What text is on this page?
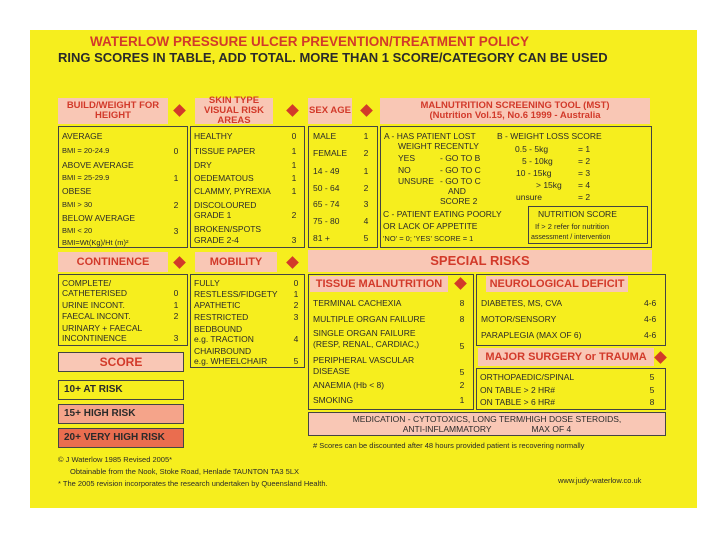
WATERLOW PRESSURE ULCER PREVENTION/TREATMENT POLICY
RING SCORES IN TABLE, ADD TOTAL. MORE THAN 1 SCORE/CATEGORY CAN BE USED
BUILD/WEIGHT FOR HEIGHT
SKIN TYPE VISUAL RISK AREAS
SEX AGE	MALNUTRITION SCREENING TOOL (MST)
(Nutrition Vol.15, No.6 1999 - Australia
AVERAGE
BMI = 20-24.9	0
ABOVE AVERAGE
BMI = 25-29.9	1
OBESE
BMI > 30	2
BELOW AVERAGE
BMI < 20	3
BMI=Wt(Kg)/Ht (m)²
HEALTHY	0
TISSUE PAPER	1
DRY	1
OEDEMATOUS	1
CLAMMY, PYREXIA	1
DISCOLOURED
GRADE 1	2
BROKEN/SPOTS
GRADE 2-4	3
MALE	1
FEMALE	2
14 - 49	1
50 - 64	2
65 - 74	3
75 - 80	4
81 +	5
A - HAS PATIENT LOST
WEIGHT RECENTLY
YES	- GO TO B
NO	- GO TO C
UNSURE - GO TO C
AND
SCORE 2
B - WEIGHT LOSS SCORE
0.5 - 5kg	= 1
5 - 10kg	= 2
10 - 15kg	= 3
> 15kg = 4
unsure	= 2
C - PATIENT EATING POORLY
OR LACK OF APPETITE
'NO' = 0; 'YES' SCORE = 1
NUTRITION SCORE
If > 2 refer for nutrition
assessment / intervention
CONTINENCE	MOBILITY	SPECIAL RISKS
COMPLETE/
CATHETERISED	0
URINE INCONT.	1
FAECAL INCONT.	2
URINARY + FAECAL
INCONTINENCE	3
FULLY	0
RESTLESS/FIDGETY	1
APATHETIC	2
RESTRICTED	3
BEDBOUND
e.g. TRACTION	4
CHAIRBOUND
e.g. WHEELCHAIR	5
SCORE
10+ AT RISK
15+ HIGH RISK
20+ VERY HIGH RISK
TISSUE MALNUTRITION
TERMINAL CACHEXIA	8
MULTIPLE ORGAN FAILURE	8
SINGLE ORGAN FAILURE
(RESP, RENAL, CARDIAC,)	5
PERIPHERAL VASCULAR
DISEASE	5
ANAEMIA (Hb < 8)	2
SMOKING	1
NEUROLOGICAL DEFICIT
DIABETES, MS, CVA	4-6
MOTOR/SENSORY	4-6
PARAPLEGIA (MAX OF 6)	4-6
MAJOR SURGERY or TRAUMA
ORTHOPAEDIC/SPINAL	5
ON TABLE > 2 HR#	5
ON TABLE > 6 HR#	8
MEDICATION - CYTOTOXICS, LONG TERM/HIGH DOSE STEROIDS,
ANTI-INFLAMMATORY	MAX OF 4
# Scores can be discounted after 48 hours provided patient is recovering normally
© J Waterlow 1985 Revised 2005*
Obtainable from the Nook, Stoke Road, Henlade TAUNTON TA3 5LX
* The 2005 revision incorporates the research undertaken by Queensland Health.	www.judy-waterlow.co.uk
